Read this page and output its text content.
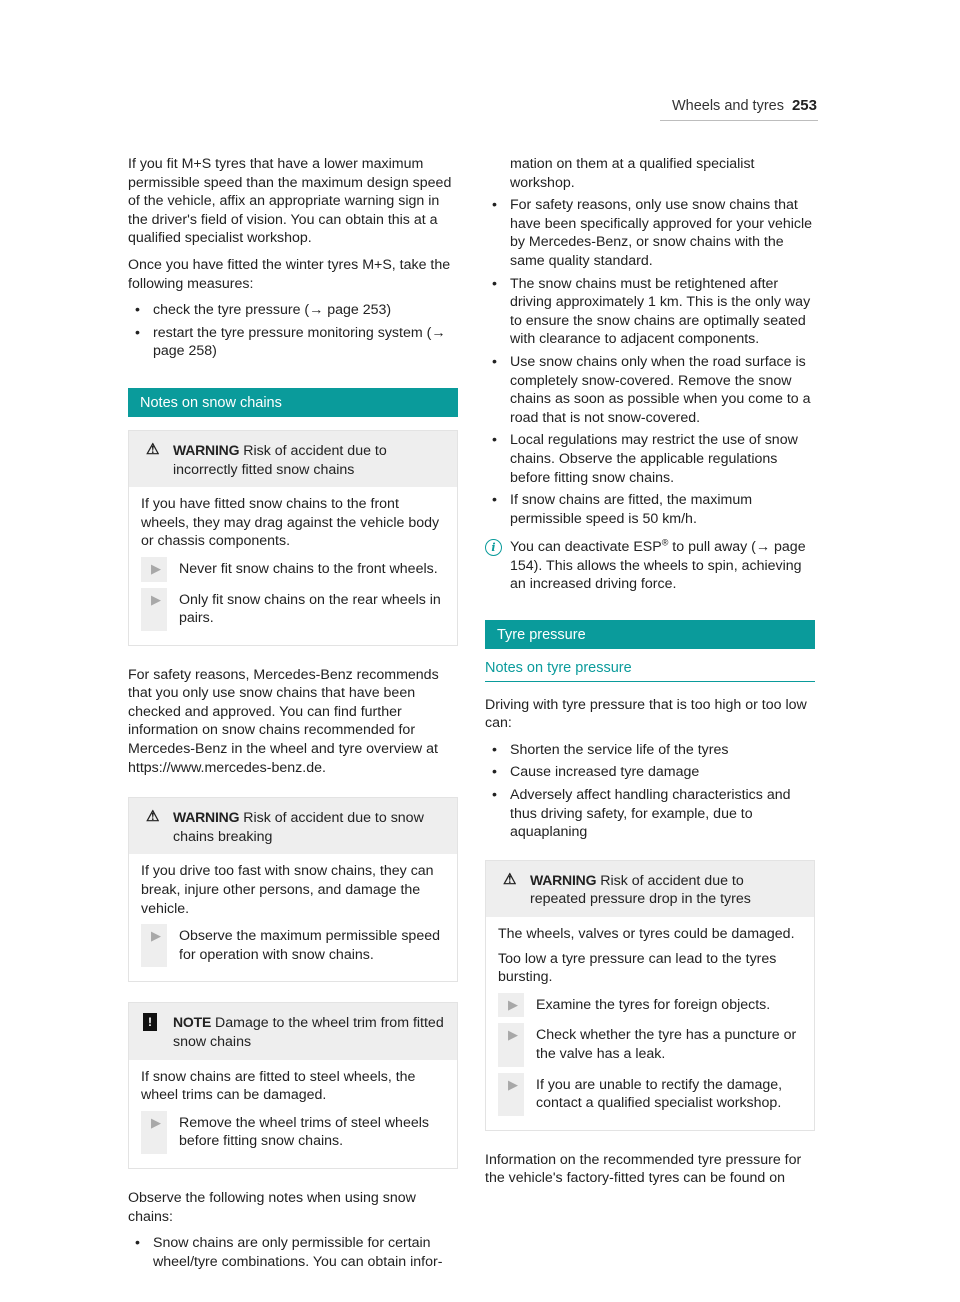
Wheels and tyres 253

If you fit M+S tyres that have a lower maximum permissible speed than the maximum design speed of the vehicle, affix an appropriate warning sign in the driver's field of vision. You can obtain this at a qualified specialist workshop.

Once you have fitted the winter tyres M+S, take the following measures:

• check the tyre pressure (→ page 253)
• restart the tyre pressure monitoring system (→ page 258)
Notes on snow chains
⚠ WARNING Risk of accident due to incorrectly fitted snow chains

If you have fitted snow chains to the front wheels, they may drag against the vehicle body or chassis components.

▶ Never fit snow chains to the front wheels.
▶ Only fit snow chains on the rear wheels in pairs.

For safety reasons, Mercedes-Benz recommends that you only use snow chains that have been checked and approved. You can find further information on snow chains recommended for Mercedes-Benz in the wheel and tyre overview at https://www.mercedes-benz.de.

⚠ WARNING Risk of accident due to snow chains breaking

If you drive too fast with snow chains, they can break, injure other persons, and damage the vehicle.

▶ Observe the maximum permissible speed for operation with snow chains.
!	NOTE Damage to the wheel trim from fitted snow chains

If snow chains are fitted to steel wheels, the wheel trims can be damaged.

▶ Remove the wheel trims of steel wheels before fitting snow chains.

Observe the following notes when using snow chains:

• Snow chains are only permissible for certain wheel/tyre combinations. You can obtain infor-
mation on them at a qualified specialist workshop.
• For safety reasons, only use snow chains that have been specifically approved for your vehicle by Mercedes-Benz, or snow chains with the same quality standard.
• The snow chains must be retightened after driving approximately 1 km. This is the only way to ensure the snow chains are optimally seated with clearance to adjacent components.
• Use snow chains only when the road surface is completely snow-covered. Remove the snow chains as soon as possible when you come to a road that is not snow-covered.
• Local regulations may restrict the use of snow chains. Observe the applicable regulations before fitting snow chains.
• If snow chains are fitted, the maximum permissible speed is 50 km/h.
i	You can deactivate ESP® to pull away (→ page 154). This allows the wheels to spin, achieving an increased driving force.
Tyre pressure
Notes on tyre pressure

Driving with tyre pressure that is too high or too low can:

• Shorten the service life of the tyres
• Cause increased tyre damage
• Adversely affect handling characteristics and thus driving safety, for example, due to aquaplaning
⚠ WARNING Risk of accident due to repeated pressure drop in the tyres

The wheels, valves or tyres could be damaged.

Too low a tyre pressure can lead to the tyres bursting.

▶ Examine the tyres for foreign objects.
▶ Check whether the tyre has a puncture or the valve has a leak.
▶ If you are unable to rectify the damage, contact a qualified specialist workshop.

Information on the recommended tyre pressure for the vehicle's factory-fitted tyres can be found on
